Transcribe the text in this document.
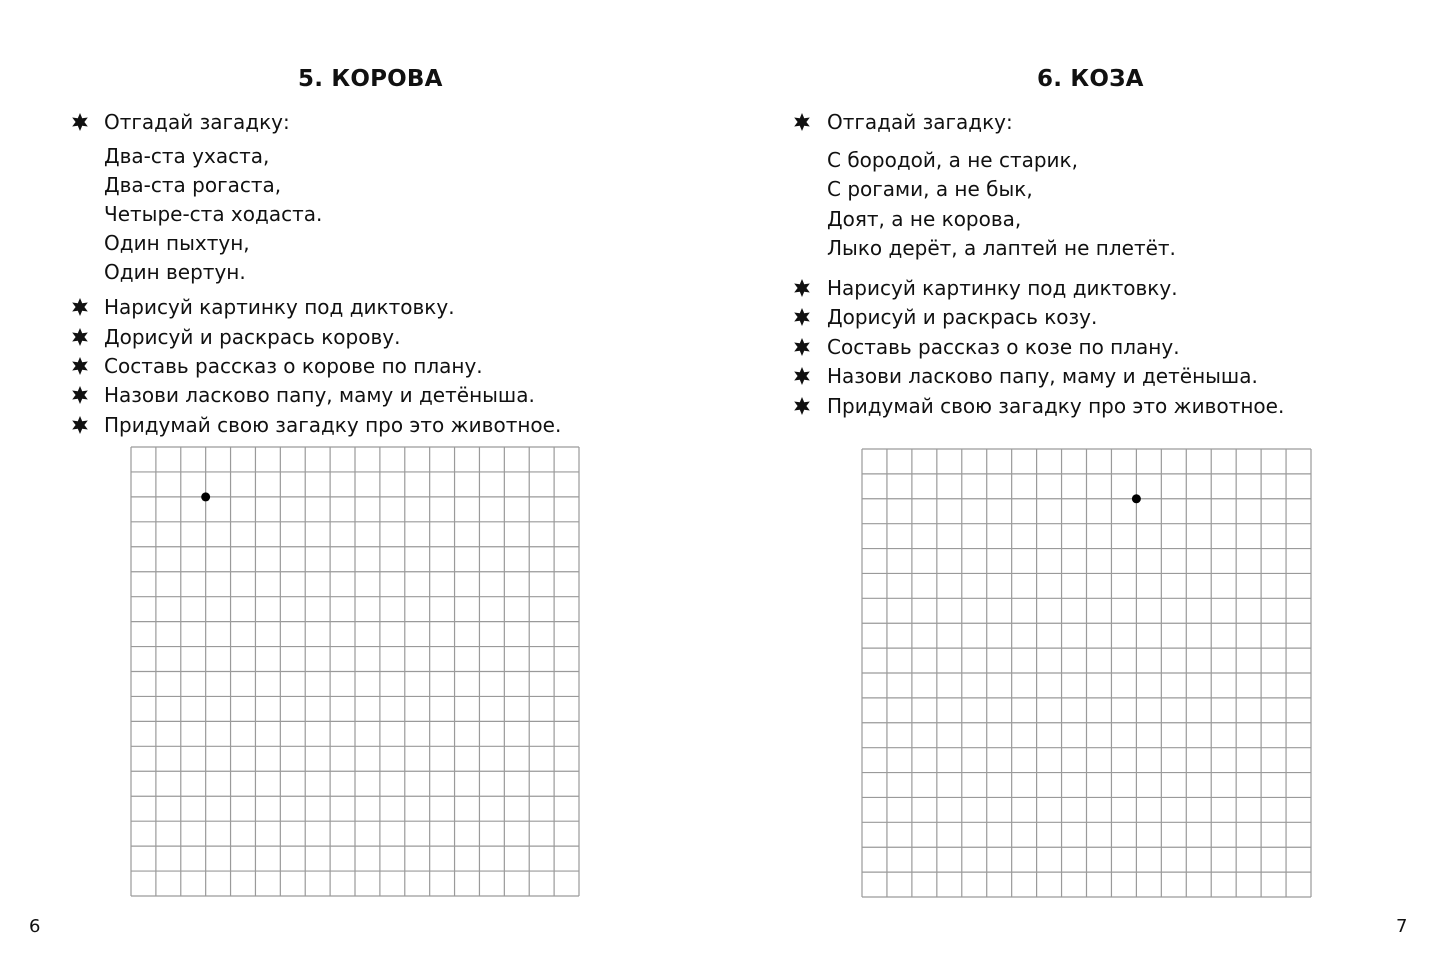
5. КОРОВА
Отгадай загадку:
Два-ста ухаста,
Два-ста рогаста,
Четыре-ста ходаста.
Один пыхтун,
Один вертун.
Нарисуй картинку под диктовку.
Дорисуй и раскрась корову.
Составь рассказ о корове по плану.
Назови ласково папу, маму и детёныша.
Придумай свою загадку про это животное.
6
6. КОЗА
Отгадай загадку:
С бородой, а не старик,
С рогами, а не бык,
Доят, а не корова,
Лыко дерёт, а лаптей не плетёт.
Нарисуй картинку под диктовку.
Дорисуй и раскрась козу.
Составь рассказ о козе по плану.
Назови ласково папу, маму и детёныша.
Придумай свою загадку про это животное.
7
